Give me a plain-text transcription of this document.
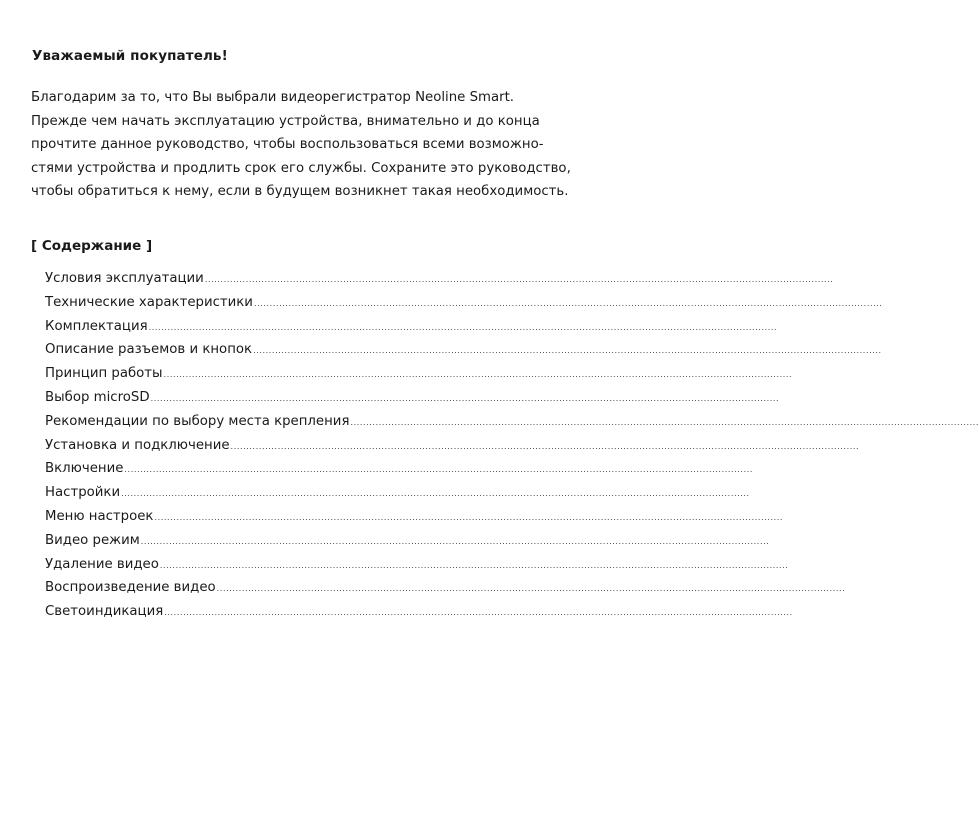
Уважаемый покупатель!
Благодарим за то, что Вы выбрали видеорегистратор Neoline Smart.
Прежде чем начать эксплуатацию устройства, внимательно и до конца
прочтите данное руководство, чтобы воспользоваться всеми возможно-
стями устройства и продлить срок его службы. Сохраните это руководство,
чтобы обратиться к нему, если в будущем возникнет такая необходимость.
[ Содержание ]
Условия эксплуатации ........................................................................................................................................................................................................
Технические характеристики ........................................................................................................................................................................................................
Комплектация ........................................................................................................................................................................................................
Описание разъемов и кнопок ........................................................................................................................................................................................................
Принцип работы ........................................................................................................................................................................................................
Выбор microSD ........................................................................................................................................................................................................
Рекомендации по выбору места крепления ........................................................................................................................................................................................................
Установка и подключение ........................................................................................................................................................................................................
Включение ........................................................................................................................................................................................................
Настройки ........................................................................................................................................................................................................
Меню настроек ........................................................................................................................................................................................................
Видео режим ........................................................................................................................................................................................................
Удаление видео ........................................................................................................................................................................................................
Воспроизведение видео ........................................................................................................................................................................................................
Светоиндикация ........................................................................................................................................................................................................
